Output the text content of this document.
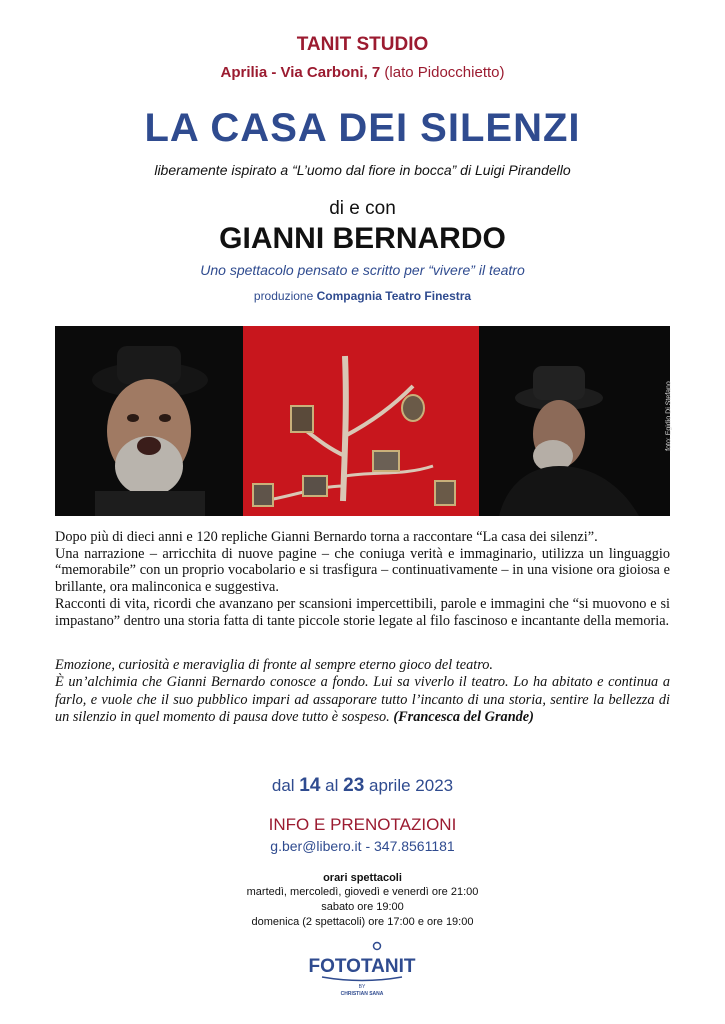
TANIT STUDIO
Aprilia - Via Carboni, 7 (lato Pidocchietto)
LA CASA DEI SILENZI
liberamente ispirato a “L’uomo dal fiore in bocca” di Luigi Pirandello
di e con
GIANNI BERNARDO
Uno spettacolo pensato e scritto per “vivere” il teatro
produzione Compagnia Teatro Finestra
foto: Egidio Di Stefano

Dopo più di dieci anni e 120 repliche Gianni Bernardo torna a raccontare “La casa dei silenzi”.

Una narrazione – arricchita di nuove pagine – che coniuga verità e immaginario, utilizza un linguaggio “memorabile” con un proprio vocabolario e si trasfigura – continuativamente – in una visione ora gioiosa e brillante, ora malinconica e suggestiva.

Racconti di vita, ricordi che avanzano per scansioni impercettibili, parole e immagini che “si muovono e si impastano” dentro una storia fatta di tante piccole storie legate al filo fascinoso e incantante della memoria.

Emozione, curiosità e meraviglia di fronte al sempre eterno gioco del teatro.

È un’alchimia che Gianni Bernardo conosce a fondo. Lui sa viverlo il teatro. Lo ha abitato e continua a farlo, e vuole che il suo pubblico impari ad assaporare tutto l’incanto di una storia, sentire la bellezza di un silenzio in quel momento di pausa dove tutto è sospeso. (Francesca del Grande)

dal 14 al 23 aprile 2023
INFO E PRENOTAZIONI
g.ber@libero.it - 347.8561181
orari spettacoli
martedì, mercoledì, giovedì e venerdì ore 21:00
sabato ore 19:00
domenica (2 spettacoli) ore 17:00 e ore 19:00
FOTOTANIT
BY
CHRISTIAN SANA
